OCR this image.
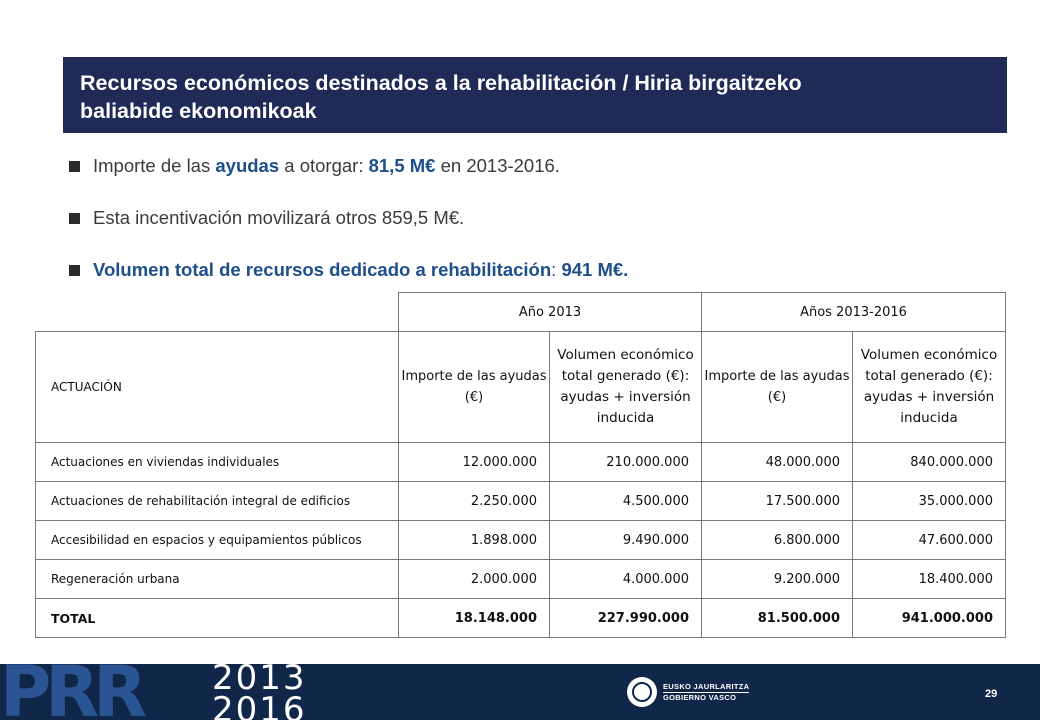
Recursos económicos destinados a la rehabilitación / Hiria birgaitzeko
baliabide ekonomikoak
Importe de las ayudas a otorgar: 81,5 M€ en 2013-2016.
Esta incentivación movilizará otros 859,5 M€.
Volumen total de recursos dedicado a rehabilitación: 941 M€.
	Año 2013		Años 2013-2016	
ACTUACIÓN	Importe de las ayudas (€)	Volumen económico total generado (€): ayudas + inversión inducida	Importe de las ayudas (€)	Volumen económico total generado (€): ayudas + inversión inducida
Actuaciones en viviendas individuales	12.000.000	210.000.000	48.000.000	840.000.000
Actuaciones de rehabilitación integral de edificios	2.250.000	4.500.000	17.500.000	35.000.000
Accesibilidad en espacios y equipamientos públicos	1.898.000	9.490.000	6.800.000	47.600.000
Regeneración urbana	2.000.000	4.000.000	9.200.000	18.400.000
TOTAL	18.148.000	227.990.000	81.500.000	941.000.000
PRR 2013
2016
EUSKO JAURLARITZA
GOBIERNO VASCO	29
